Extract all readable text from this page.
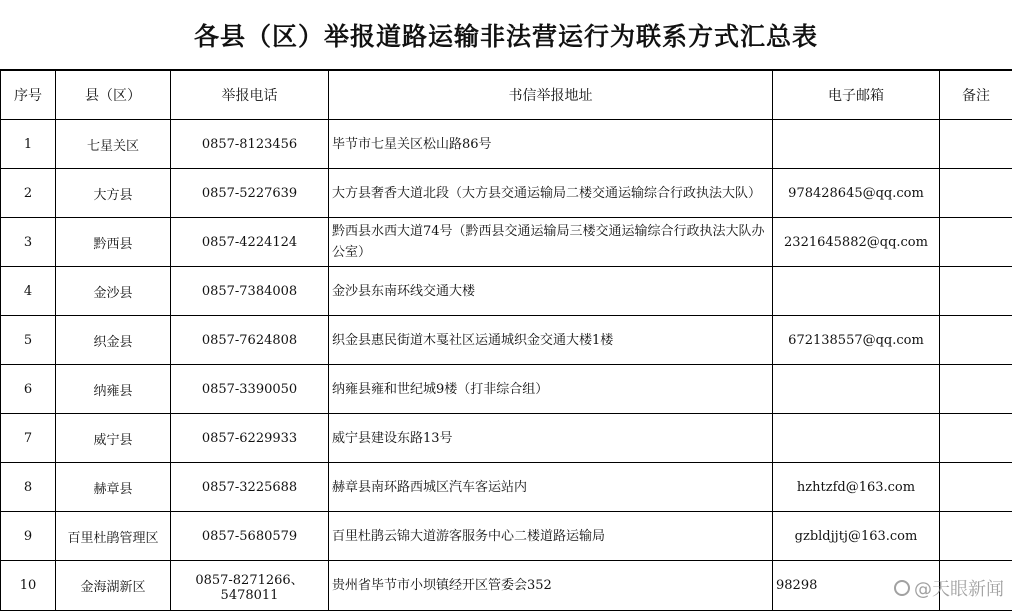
各县（区）举报道路运输非法营运行为联系方式汇总表
序号	县（区）	举报电话	书信举报地址	电子邮箱	备注
1	七星关区	0857-8123456	毕节市七星关区松山路86号		
2	大方县	0857-5227639	大方县奢香大道北段（大方县交通运输局二楼交通运输综合行政执法大队）	978428645@qq.com	
3	黔西县	0857-4224124	黔西县水西大道74号（黔西县交通运输局三楼交通运输综合行政执法大队办公室）	2321645882@qq.com	
4	金沙县	0857-7384008	金沙县东南环线交通大楼		
5	织金县	0857-7624808	织金县惠民街道木戛社区运通城织金交通大楼1楼	672138557@qq.com	
6	纳雍县	0857-3390050	纳雍县雍和世纪城9楼（打非综合组）		
7	威宁县	0857-6229933	威宁县建设东路13号		
8	赫章县	0857-3225688	赫章县南环路西城区汽车客运站内	hzhtzfd@163.com	
9	百里杜鹃管理区	0857-5680579	百里杜鹃云锦大道游客服务中心二楼道路运输局	gzbldjjtj@163.com	
10	金海湖新区	0857-8271266、5478011	贵州省毕节市小坝镇经开区管委会352	98298		@天眼新闻
